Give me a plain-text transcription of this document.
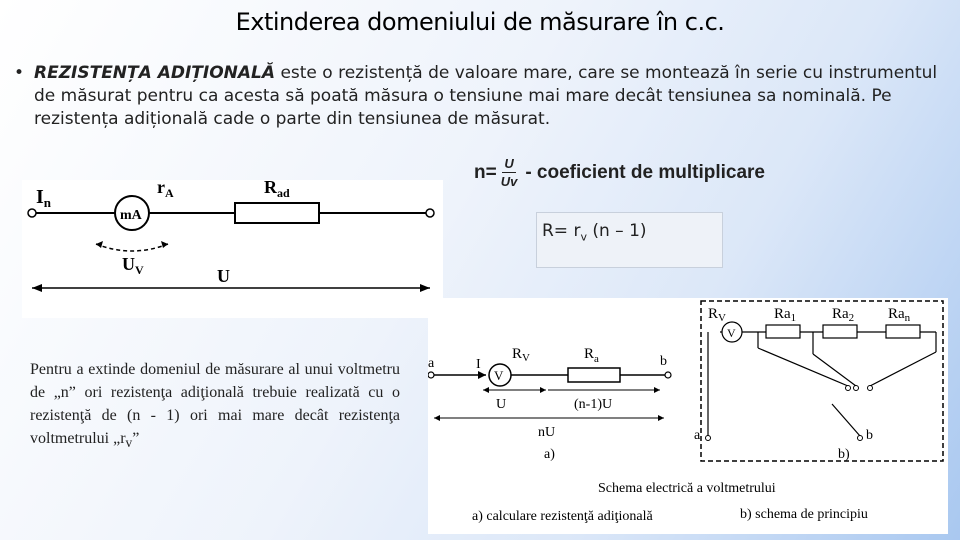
Extinderea domeniului de măsurare în c.c.
• REZISTENȚA ADIȚIONALĂ este o rezistență de valoare mare, care se montează în serie cu instrumentul de măsurat pentru ca acesta să poată măsura o tensiune mai mare decât tensiunea sa nominală. Pe rezistența adițională cade o parte din tensiunea de măsurat.
$n= \frac{U}{Uv}$ - coeficient de multiplicare
$R= r_v$ (n – 1)
$I_n$
mA
$r_A$	$R_{ad}$
$U_V$	U
Pentru a extinde domeniul de măsurare al unui voltmetru de „n” ori rezistenţa adiţională trebuie realizată cu o rezistenţă de (n - 1) ori mai mare decât rezistenţa voltmetrului $„r_v$”
a	b
I
$R_V$	$R_a$
V
U	(n-1)U
nU
a)
$R_V$	$Ra_1$ $Ra_2$ $Ra_n$
V
a	b
b)
Schema electrică a voltmetrului
a) calculare rezistenţă adiţională	b) schema de principiu
